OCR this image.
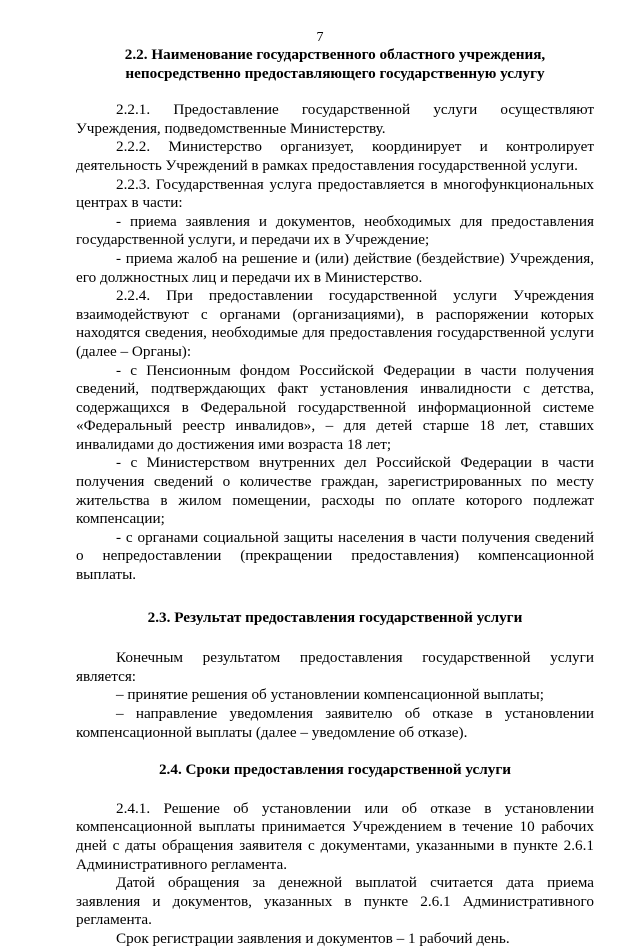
7
2.2. Наименование государственного областного учреждения,
непосредственно предоставляющего государственную услугу

2.2.1. Предоставление государственной услуги осуществляют Учреждения, подведомственные Министерству.

2.2.2. Министерство организует, координирует и контролирует деятельность Учреждений в рамках предоставления государственной услуги.

2.2.3. Государственная услуга предоставляется в многофункциональных центрах в части:

- приема заявления и документов, необходимых для предоставления государственной услуги, и передачи их в Учреждение;

- приема жалоб на решение и (или) действие (бездействие) Учреждения, его должностных лиц и передачи их в Министерство.

2.2.4. При предоставлении государственной услуги Учреждения взаимодействуют с органами (организациями), в распоряжении которых находятся сведения, необходимые для предоставления государственной услуги (далее – Органы):

- с Пенсионным фондом Российской Федерации в части получения сведений, подтверждающих факт установления инвалидности с детства, содержащихся в Федеральной государственной информационной системе «Федеральный реестр инвалидов», – для детей старше 18 лет, ставших инвалидами до достижения ими возраста 18 лет;

- с Министерством внутренних дел Российской Федерации в части получения сведений о количестве граждан, зарегистрированных по месту жительства в жилом помещении, расходы по оплате которого подлежат компенсации;

- с органами социальной защиты населения в части получения сведений о непредоставлении (прекращении предоставления) компенсационной выплаты.

2.3. Результат предоставления государственной услуги

Конечным результатом предоставления государственной услуги является:

– принятие решения об установлении компенсационной выплаты;

– направление уведомления заявителю об отказе в установлении компенсационной выплаты (далее – уведомление об отказе).

2.4. Сроки предоставления государственной услуги

2.4.1. Решение об установлении или об отказе в установлении компенсационной выплаты принимается Учреждением в течение 10 рабочих дней с даты обращения заявителя с документами, указанными в пункте 2.6.1 Административного регламента.

Датой обращения за денежной выплатой считается дата приема заявления и документов, указанных в пункте 2.6.1 Административного регламента.

Срок регистрации заявления и документов – 1 рабочий день.
